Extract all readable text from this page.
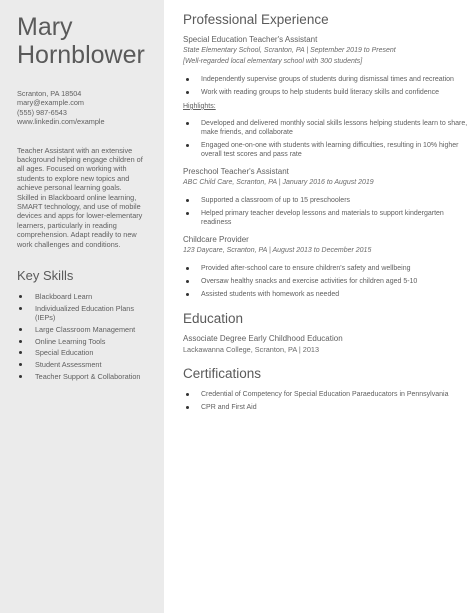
Mary
Hornblower
Scranton, PA 18504
mary@example.com
(555) 987-6543
www.linkedin.com/example
Teacher Assistant with an extensive background helping engage children of all ages. Focused on working with students to explore new topics and achieve personal learning goals. Skilled in Blackboard online learning, SMART technology, and use of mobile devices and apps for lower-elementary learners, particularly in reading comprehension. Adapt readily to new work challenges and conditions.
Key Skills
Blackboard Learn
Individualized Education Plans (IEPs)
Large Classroom Management
Online Learning Tools
Special Education
Student Assessment
Teacher Support & Collaboration
Professional Experience
Special Education Teacher's Assistant
State Elementary School, Scranton, PA | September 2019 to Present
[Well-regarded local elementary school with 300 students]
Independently supervise groups of students during dismissal times and recreation
Work with reading groups to help students build literacy skills and confidence
Highlights:
Developed and delivered monthly social skills lessons helping students learn to share, make friends, and collaborate
Engaged one-on-one with students with learning difficulties, resulting in 10% higher overall test scores and pass rate
Preschool Teacher's Assistant
ABC Child Care, Scranton, PA | January 2016 to August 2019
Supported a classroom of up to 15 preschoolers
Helped primary teacher develop lessons and materials to support kindergarten readiness
Childcare Provider
123 Daycare, Scranton, PA | August 2013 to December 2015
Provided after-school care to ensure children's safety and wellbeing
Oversaw healthy snacks and exercise activities for children aged 5-10
Assisted students with homework as needed
Education
Associate Degree Early Childhood Education
Lackawanna College, Scranton, PA | 2013
Certifications
Credential of Competency for Special Education Paraeducators in Pennsylvania
CPR and First Aid
